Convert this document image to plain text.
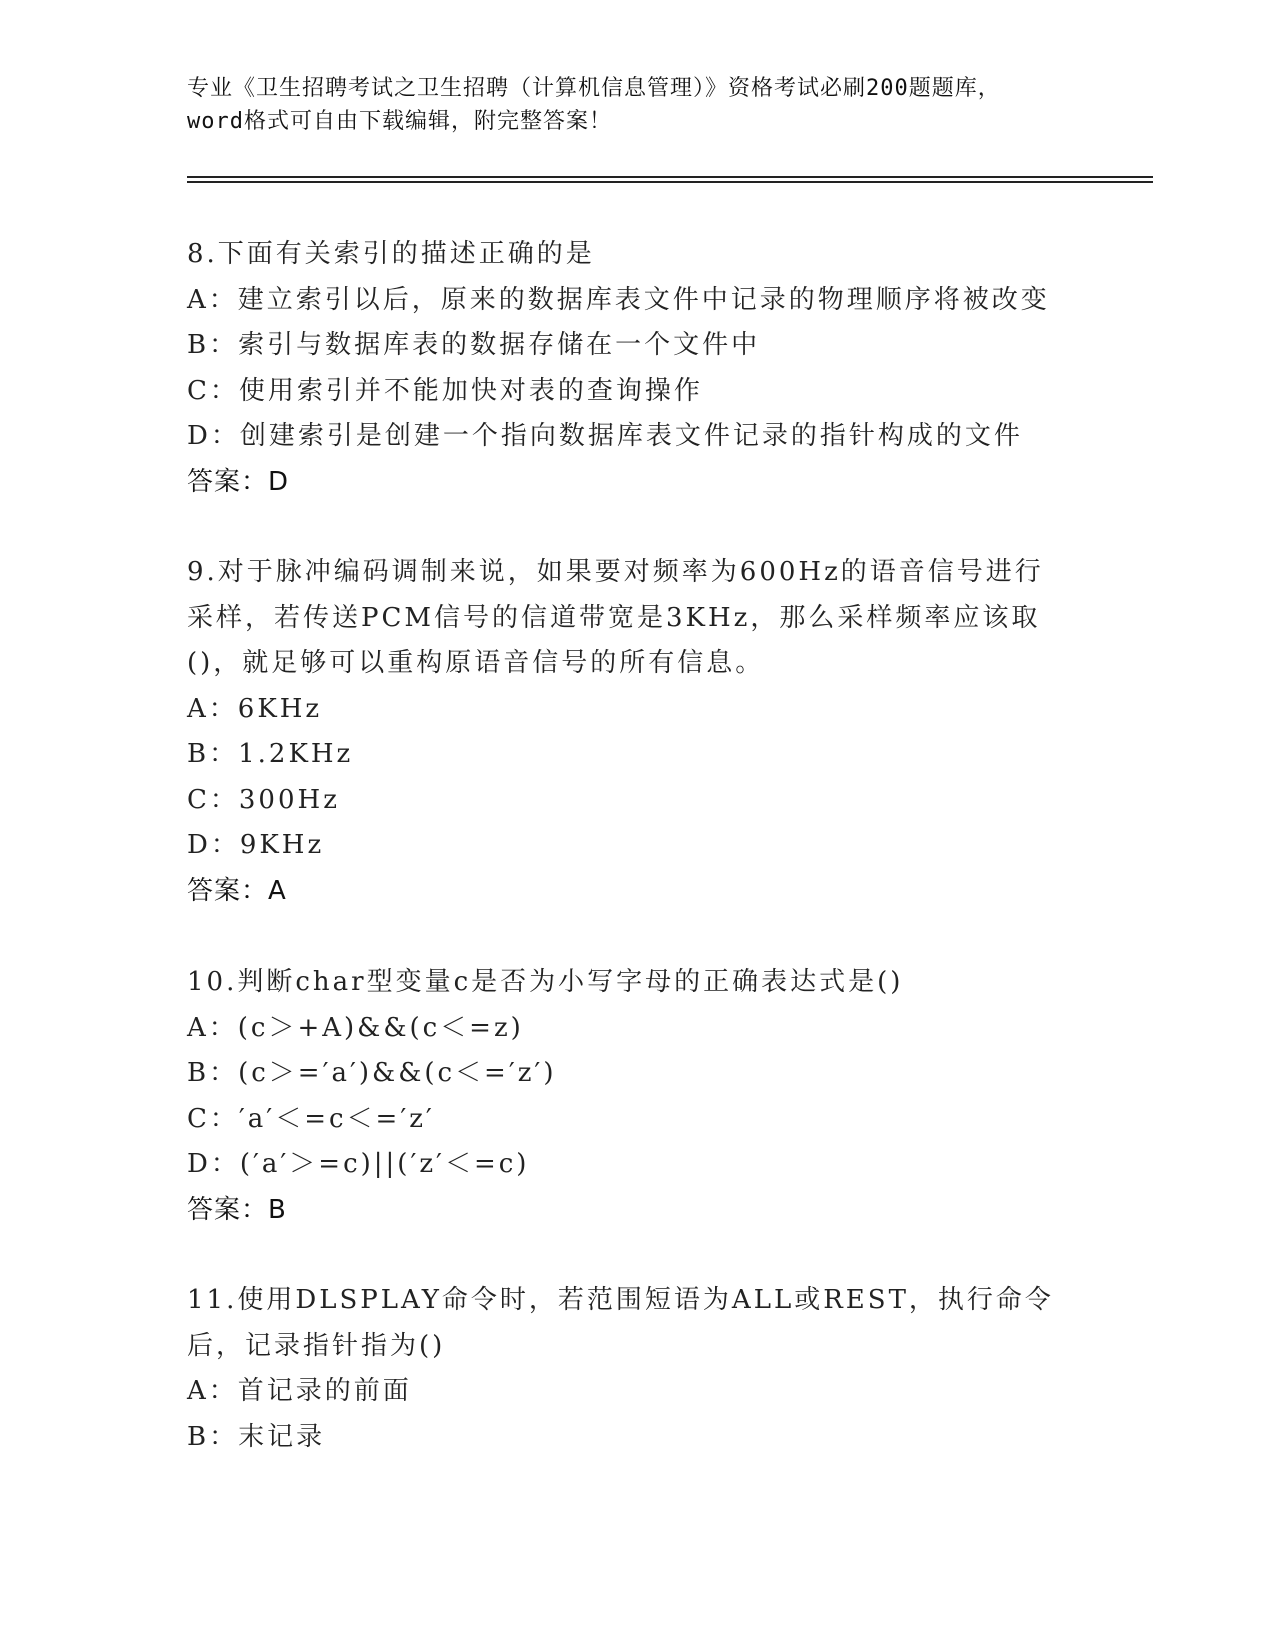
专业《卫生招聘考试之卫生招聘（计算机信息管理）》资格考试必刷200题题库，
word格式可自由下载编辑，附完整答案！
8.下面有关索引的描述正确的是
A：建立索引以后，原来的数据库表文件中记录的物理顺序将被改变
B：索引与数据库表的数据存储在一个文件中
C：使用索引并不能加快对表的查询操作
D：创建索引是创建一个指向数据库表文件记录的指针构成的文件
答案：D
9.对于脉冲编码调制来说，如果要对频率为600Hz的语音信号进行采样，若传送PCM信号的信道带宽是3KHz，那么采样频率应该取()，就足够可以重构原语音信号的所有信息。
A：6KHz
B：1.2KHz
C：300Hz
D：9KHz
答案：A
10.判断char型变量c是否为小写字母的正确表达式是()
A：(c＞+A)&&(c＜=z)
B：(c＞=′a′)&&(c＜=′z′)
C：′a′＜=c＜=′z′
D：(′a′＞=c)||(′z′＜=c)
答案：B
11.使用DLSPLAY命令时，若范围短语为ALL或REST，执行命令后，记录指针指为()
A：首记录的前面
B：末记录
